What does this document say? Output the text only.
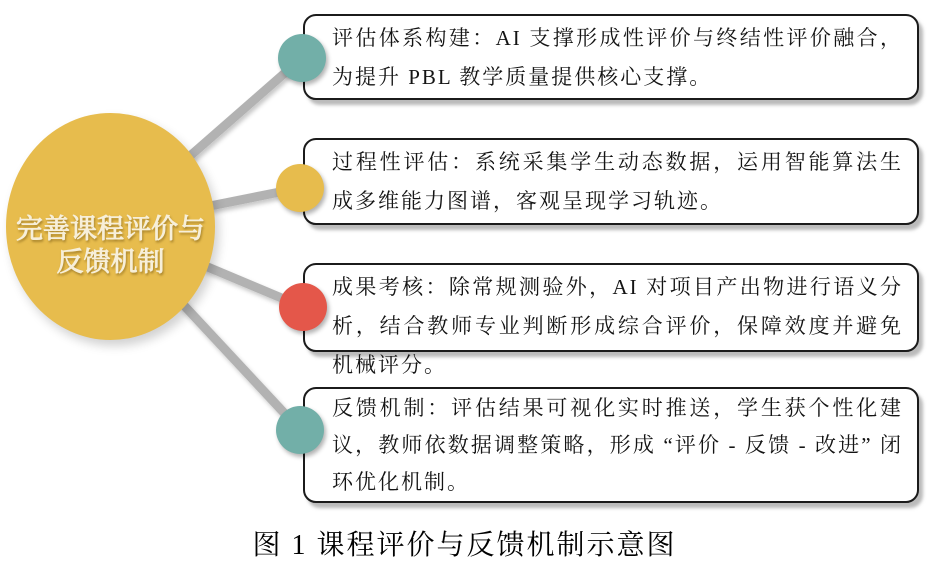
评估体系构建：AI 支撑形成性评价与终结性评价融合，为提升 PBL 教学质量提供核心支撑。

过程性评估：系统采集学生动态数据，运用智能算法生成多维能力图谱，客观呈现学习轨迹。

成果考核：除常规测验外，AI 对项目产出物进行语义分析，结合教师专业判断形成综合评价，保障效度并避免机械评分。

反馈机制：评估结果可视化实时推送，学生获个性化建议，教师依数据调整策略，形成 “评价 - 反馈 - 改进” 闭环优化机制。

完善课程评价与
反馈机制
图 1 课程评价与反馈机制示意图
